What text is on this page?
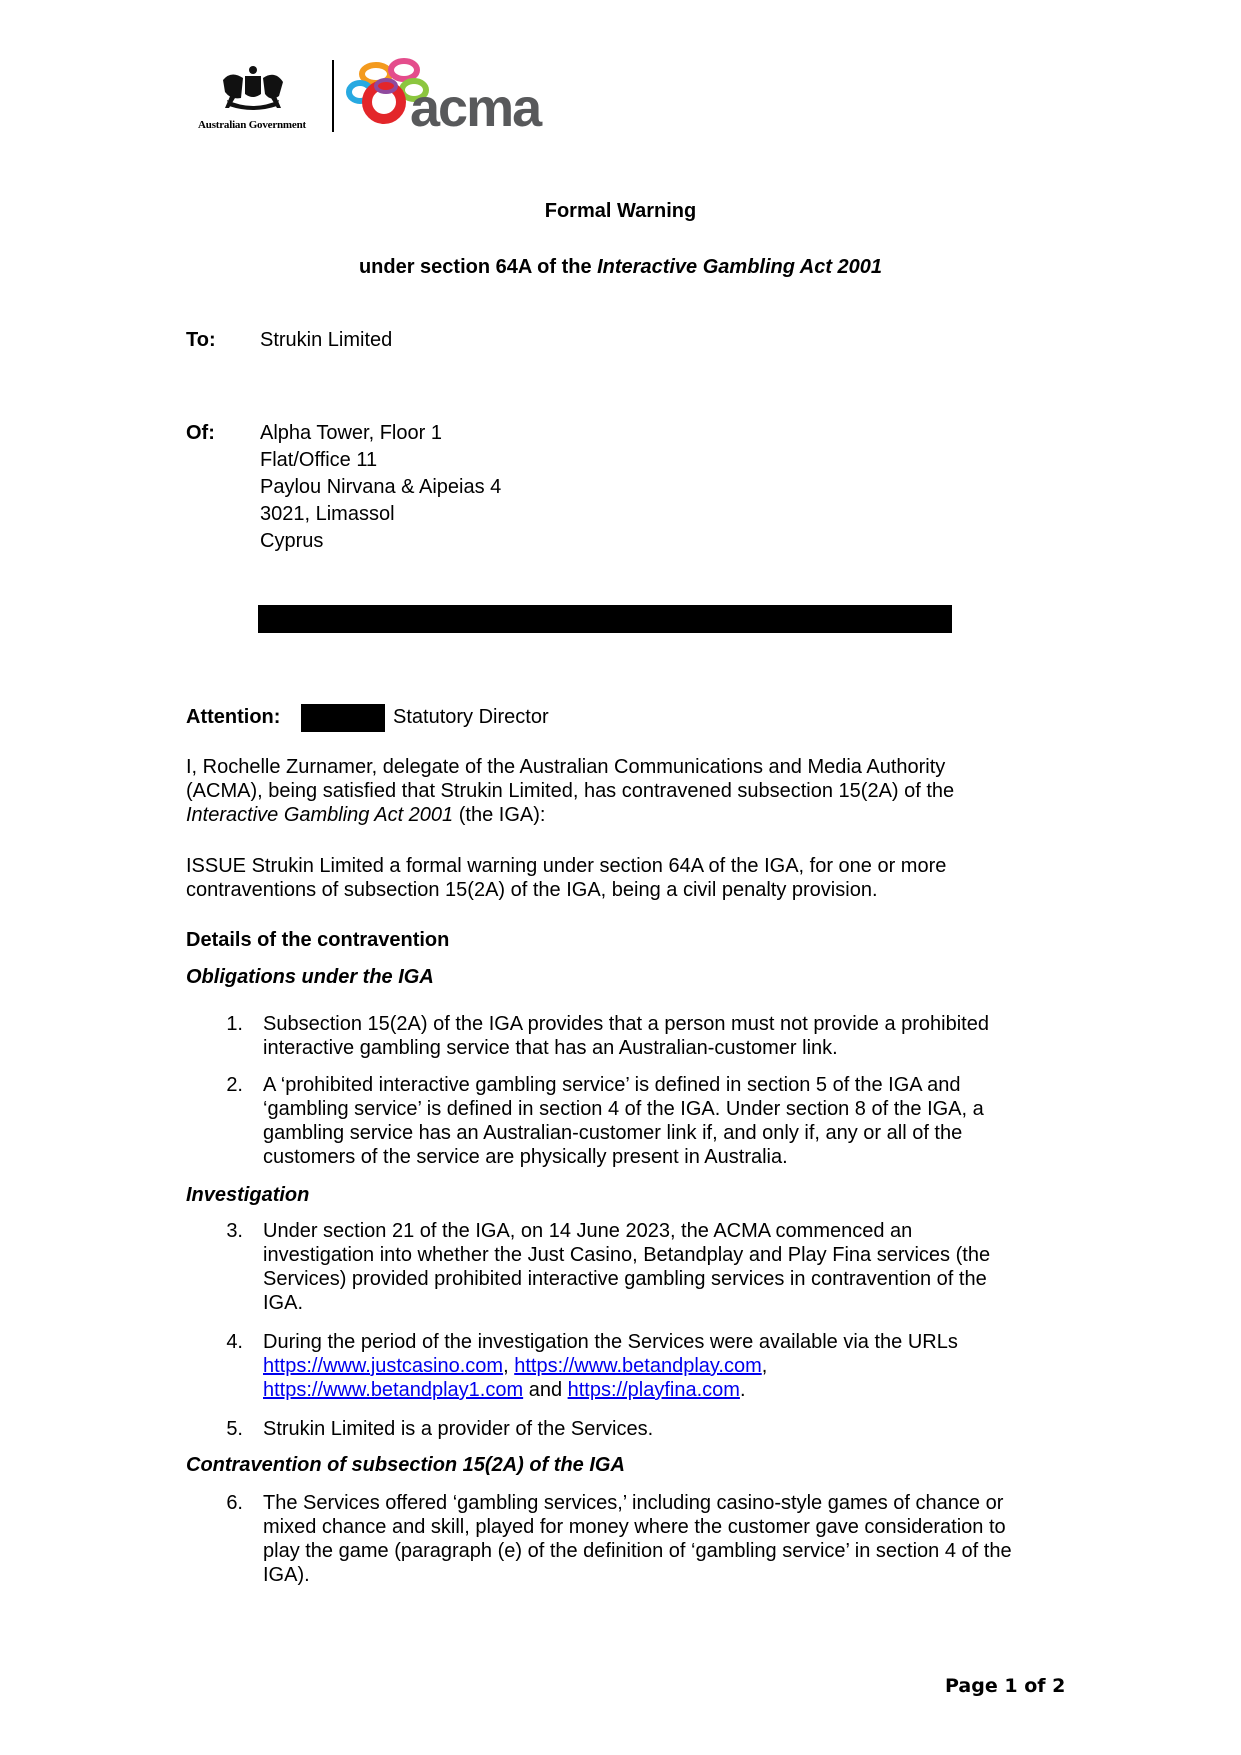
Australian Government acma
Formal Warning
under section 64A of the Interactive Gambling Act 2001
To: Strukin Limited
Of: Alpha Tower, Floor 1
Flat/Office 11
Paylou Nirvana & Aipeias 4
3021, Limassol
Cyprus
Attention:	Statutory Director
I, Rochelle Zurnamer, delegate of the Australian Communications and Media Authority
(ACMA), being satisfied that Strukin Limited, has contravened subsection 15(2A) of the
Interactive Gambling Act 2001 (the IGA):
ISSUE Strukin Limited a formal warning under section 64A of the IGA, for one or more
contraventions of subsection 15(2A) of the IGA, being a civil penalty provision.
Details of the contravention
Obligations under the IGA
1. Subsection 15(2A) of the IGA provides that a person must not provide a prohibited
interactive gambling service that has an Australian-customer link.
2. A ‘prohibited interactive gambling service’ is defined in section 5 of the IGA and
‘gambling service’ is defined in section 4 of the IGA. Under section 8 of the IGA, a
gambling service has an Australian-customer link if, and only if, any or all of the
customers of the service are physically present in Australia.
Investigation
3. Under section 21 of the IGA, on 14 June 2023, the ACMA commenced an
investigation into whether the Just Casino, Betandplay and Play Fina services (the
Services) provided prohibited interactive gambling services in contravention of the
IGA.
4. During the period of the investigation the Services were available via the URLs
https://www.justcasino.com, https://www.betandplay.com,
https://www.betandplay1.com and https://playfina.com.
5. Strukin Limited is a provider of the Services.
Contravention of subsection 15(2A) of the IGA
6. The Services offered ‘gambling services,’ including casino-style games of chance or
mixed chance and skill, played for money where the customer gave consideration to
play the game (paragraph (e) of the definition of ‘gambling service’ in section 4 of the
IGA).
Page 1 of 2
